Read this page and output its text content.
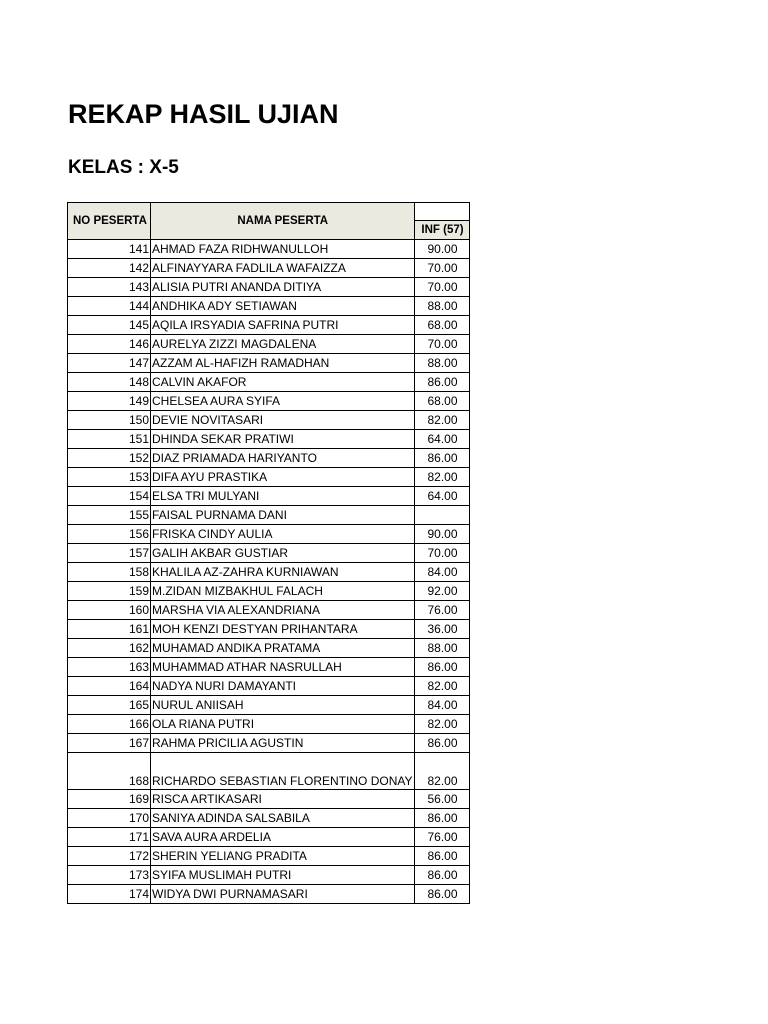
REKAP HASIL UJIAN
KELAS : X-5
NO PESERTA	NAMA PESERTA	INF (57)

141	AHMAD FAZA RIDHWANULLOH	90.00
142	ALFINAYYARA FADLILA WAFAIZZA	70.00
143	ALISIA PUTRI ANANDA DITIYA	70.00
144	ANDHIKA ADY SETIAWAN	88.00
145	AQILA IRSYADIA SAFRINA PUTRI	68.00
146	AURELYA ZIZZI MAGDALENA	70.00
147	AZZAM AL-HAFIZH RAMADHAN	88.00
148	CALVIN AKAFOR	86.00
149	CHELSEA AURA SYIFA	68.00
150	DEVIE NOVITASARI	82.00
151	DHINDA SEKAR PRATIWI	64.00
152	DIAZ PRIAMADA HARIYANTO	86.00
153	DIFA AYU PRASTIKA	82.00
154	ELSA TRI MULYANI	64.00
155	FAISAL PURNAMA DANI	
156	FRISKA CINDY AULIA	90.00
157	GALIH AKBAR GUSTIAR	70.00
158	KHALILA AZ-ZAHRA KURNIAWAN	84.00
159	M.ZIDAN MIZBAKHUL FALACH	92.00
160	MARSHA VIA ALEXANDRIANA	76.00
161	MOH KENZI DESTYAN PRIHANTARA	36.00
162	MUHAMAD ANDIKA PRATAMA	88.00
163	MUHAMMAD ATHAR NASRULLAH	86.00
164	NADYA NURI DAMAYANTI	82.00
165	NURUL ANIISAH	84.00
166	OLA RIANA PUTRI	82.00
167	RAHMA PRICILIA AGUSTIN	86.00
168	RICHARDO SEBASTIAN FLORENTINO DONAY	82.00
169	RISCA ARTIKASARI	56.00
170	SANIYA ADINDA SALSABILA	86.00
171	SAVA AURA ARDELIA	76.00
172	SHERIN YELIANG PRADITA	86.00
173	SYIFA MUSLIMAH PUTRI	86.00
174	WIDYA DWI PURNAMASARI	86.00
